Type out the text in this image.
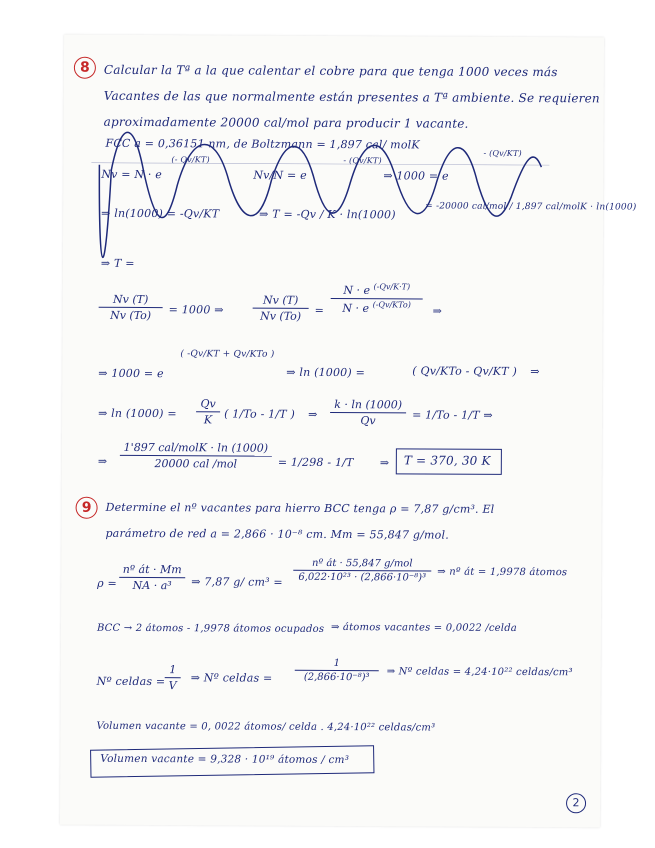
8	Calcular la Tª a la que calentar el cobre para que tenga 1000 veces más
Vacantes de las que normalmente están presentes a Tª ambiente. Se requieren
aproximadamente 20000 cal/mol para producir 1 vacante.
FCC a = 0,36151 nm, de Boltzmann = 1,897 cal/ molK
Nv = N · e
(- Qv/KT)
Nv/N = e
- (Qv/KT)
⇒ 1000 = e
- (Qv/KT)
⇒ ln(1000) = -Qv/KT	⇒ T = -Qv / K · ln(1000)
= -20000 cal/mol / 1,897 cal/molK · ln(1000)
⇒ T =
$\frac{Nv (T)}{Nv (To)} = 1000$ ⇒	$\frac{Nv (T)}{Nv (To)}$ =
N · e $^{(-Qv/K\cdot T)}$
N · e $^{(-Qv/KTo)}$
⇒
⇒ 1000 = e
( -Qv/KT + Qv/KTo )
⇒ ln (1000) =	( Qv/KTo - Qv/KT ) ⇒
⇒ $\ln (1000) = \frac{Qv}{K}$ ( 1/To - 1/T ) ⇒ $\frac{k \cdot \ln (1000)}{Qv} = 1/To - 1/T$ ⇒
⇒
1'897 cal/molK · ln (1000)
20000 cal /mol	= 1/298 - 1/T ⇒ T = 370, 30 K
9	Determine el nº vacantes para hierro BCC tenga ρ = 7,87 g/cm³. El
parámetro de red a = 2,866 · 10⁻⁸ cm. Mm = 55,847 g/mol.
$\rho = \frac{\text{nº át · Mm}}{\text{NA · a³}}$ ⇒ 7,87 g/ cm³ =
nº át · 55,847 g/mol
6,022·10²³ · (2,866·10⁻⁸)³	⇒ nº át = 1,9978 átomos
BCC → 2 átomos - 1,9978 átomos ocupados ⇒ átomos vacantes = 0,0022 /celda
Nº celdas = $\frac{1}{V}$ ⇒ Nº celdas = $\frac{1}{\text{(2,866·10⁻⁸)³}}$ ⇒ Nº celdas = 4,24·10²² celdas/cm³
Volumen vacante = 0, 0022 átomos/ celda . 4,24·10²² celdas/cm³
Volumen vacante = 9,328 · 10¹⁹ átomos / cm³
2
